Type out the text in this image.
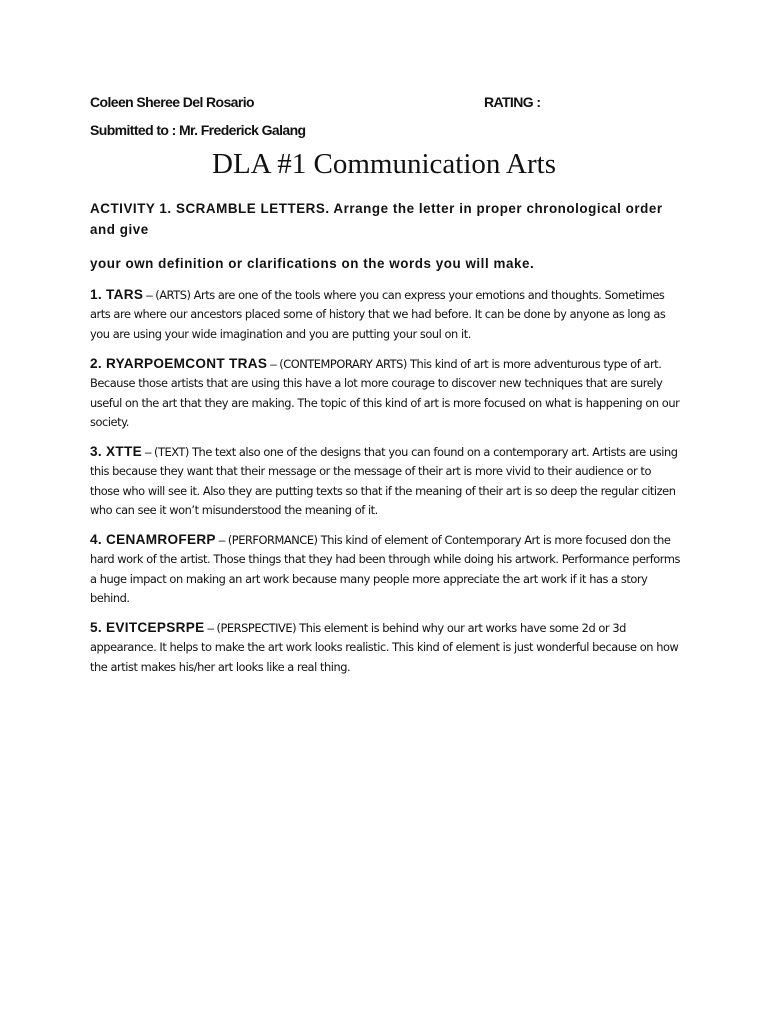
Coleen Sheree Del Rosario	RATING :
Submitted to : Mr. Frederick Galang
DLA #1 Communication Arts
ACTIVITY 1. SCRAMBLE LETTERS. Arrange the letter in proper chronological order and give
your own definition or clarifications on the words you will make.
1. TARS – (ARTS) Arts are one of the tools where you can express your emotions and thoughts. Sometimes arts are where our ancestors placed some of history that we had before. It can be done by anyone as long as you are using your wide imagination and you are putting your soul on it.
2. RYARPOEMCONT TRAS – (CONTEMPORARY ARTS) This kind of art is more adventurous type of art. Because those artists that are using this have a lot more courage to discover new techniques that are surely useful on the art that they are making. The topic of this kind of art is more focused on what is happening on our society.
3. XTTE – (TEXT) The text also one of the designs that you can found on a contemporary art. Artists are using this because they want that their message or the message of their art is more vivid to their audience or to those who will see it. Also they are putting texts so that if the meaning of their art is so deep the regular citizen who can see it won’t misunderstood the meaning of it.
4. CENAMROFERP – (PERFORMANCE) This kind of element of Contemporary Art is more focused don the hard work of the artist. Those things that they had been through while doing his artwork. Performance performs a huge impact on making an art work because many people more appreciate the art work if it has a story behind.
5. EVITCEPSRPE – (PERSPECTIVE) This element is behind why our art works have some 2d or 3d appearance. It helps to make the art work looks realistic. This kind of element is just wonderful because on how the artist makes his/her art looks like a real thing.
